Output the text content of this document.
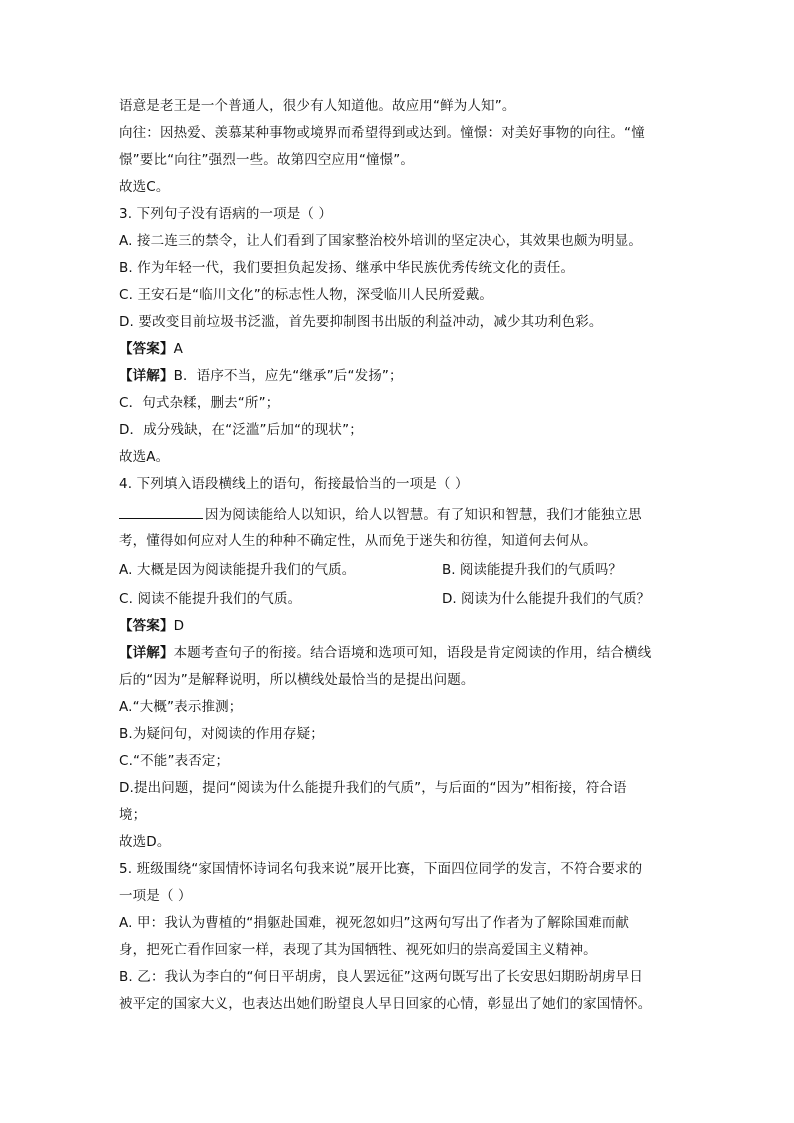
语意是老王是一个普通人，很少有人知道他。故应用“鲜为人知”。
向往：因热爱、羡慕某种事物或境界而希望得到或达到。憧憬：对美好事物的向往。“憧
憬”要比“向往”强烈一些。故第四空应用“憧憬”。
故选C。
3. 下列句子没有语病的一项是（ ）
A. 接二连三的禁令，让人们看到了国家整治校外培训的坚定决心，其效果也颇为明显。
B. 作为年轻一代，我们要担负起发扬、继承中华民族优秀传统文化的责任。
C. 王安石是“临川文化”的标志性人物，深受临川人民所爱戴。
D. 要改变目前垃圾书泛滥，首先要抑制图书出版的利益冲动，减少其功利色彩。
【答案】A
【详解】B．语序不当，应先“继承”后“发扬”；
C．句式杂糅，删去“所”；
D．成分残缺，在“泛滥”后加“的现状”；
故选A。
4. 下列填入语段横线上的语句，衔接最恰当的一项是（ ）
因为阅读能给人以知识，给人以智慧。有了知识和智慧，我们才能独立思
考，懂得如何应对人生的种种不确定性，从而免于迷失和彷徨，知道何去何从。
A. 大概是因为阅读能提升我们的气质。	B. 阅读能提升我们的气质吗？
C. 阅读不能提升我们的气质。	D. 阅读为什么能提升我们的气质？
【答案】D
【详解】本题考查句子的衔接。结合语境和选项可知，语段是肯定阅读的作用，结合横线
后的“因为”是解释说明，所以横线处最恰当的是提出问题。
A.“大概”表示推测；
B.为疑问句，对阅读的作用存疑；
C.“不能”表否定；
D.提出问题，提问“阅读为什么能提升我们的气质”，与后面的“因为”相衔接，符合语
境；
故选D。
5. 班级围绕“家国情怀诗词名句我来说”展开比赛，下面四位同学的发言，不符合要求的
一项是（ ）
A. 甲：我认为曹植的“捐躯赴国难，视死忽如归”这两句写出了作者为了解除国难而献
身，把死亡看作回家一样，表现了其为国牺牲、视死如归的崇高爱国主义精神。
B. 乙：我认为李白的“何日平胡虏，良人罢远征”这两句既写出了长安思妇期盼胡虏早日
被平定的国家大义，也表达出她们盼望良人早日回家的心情，彰显出了她们的家国情怀。
